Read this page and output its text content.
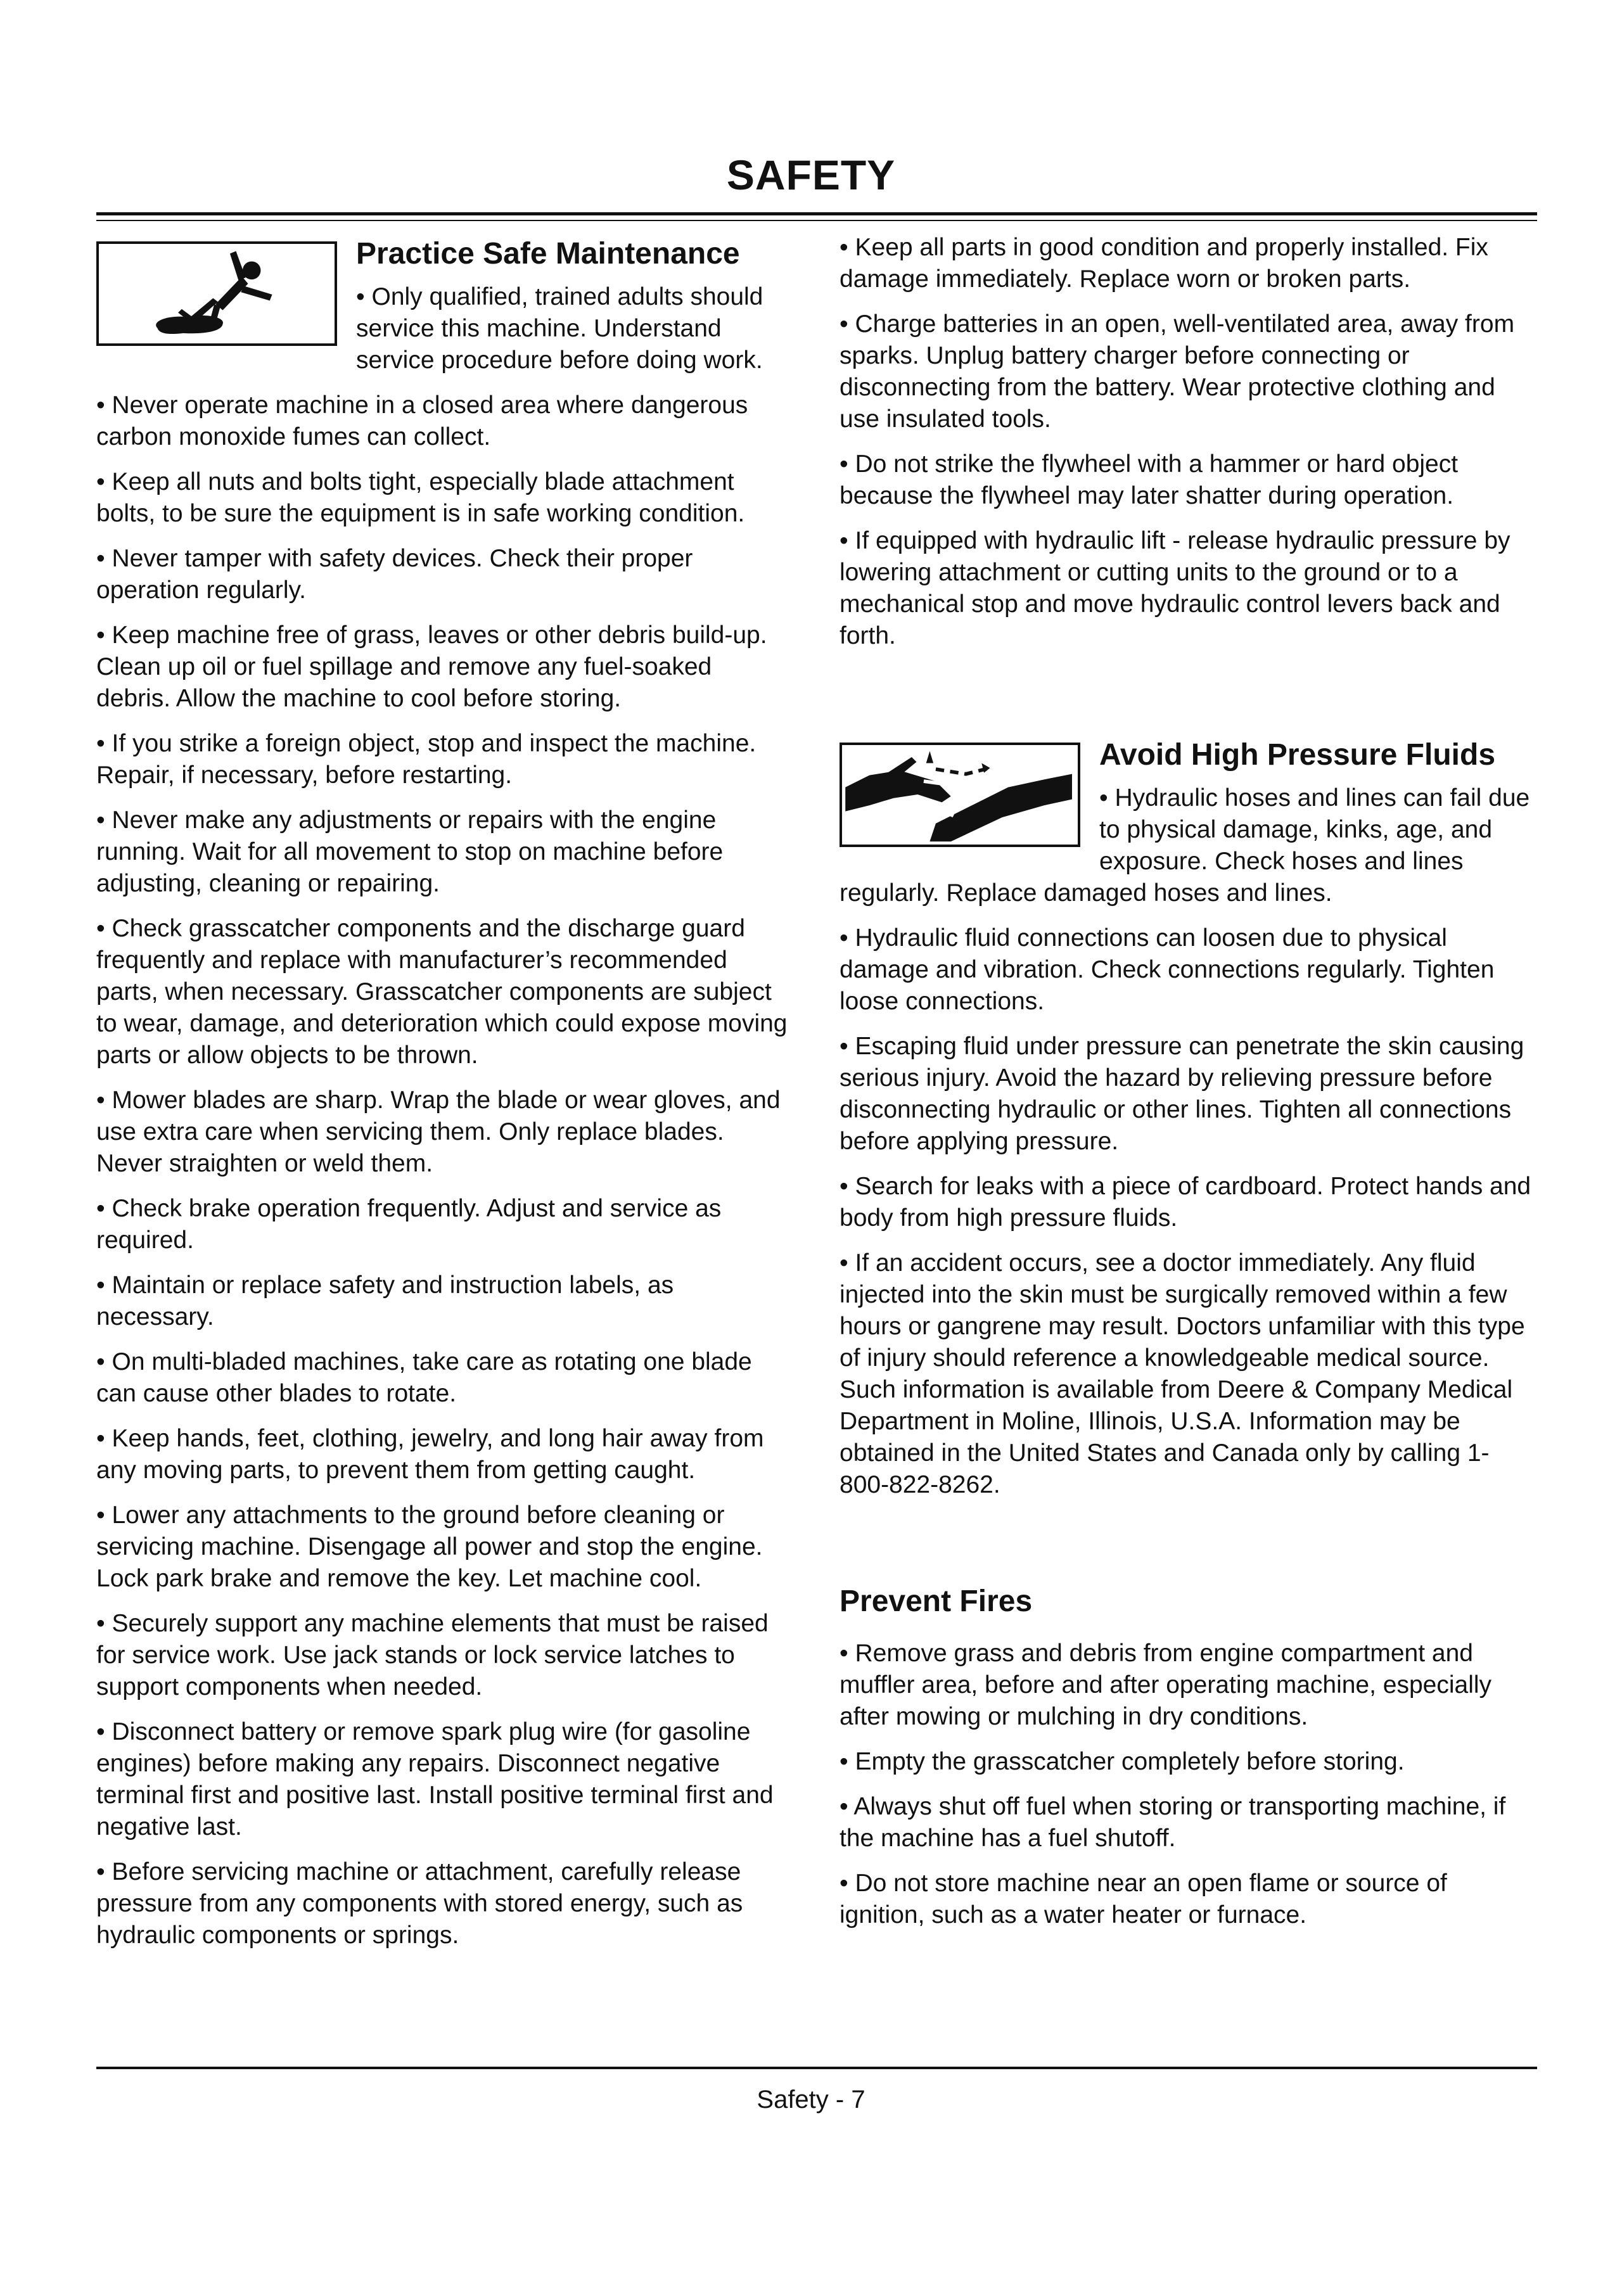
SAFETY
Practice Safe Maintenance

• Only qualified, trained adults should service this machine. Understand service procedure before doing work.

• Never operate machine in a closed area where dangerous carbon monoxide fumes can collect.

• Keep all nuts and bolts tight, especially blade attachment bolts, to be sure the equipment is in safe working condition.

• Never tamper with safety devices. Check their proper operation regularly.

• Keep machine free of grass, leaves or other debris build-up. Clean up oil or fuel spillage and remove any fuel-soaked debris. Allow the machine to cool before storing.

• If you strike a foreign object, stop and inspect the machine. Repair, if necessary, before restarting.

• Never make any adjustments or repairs with the engine running. Wait for all movement to stop on machine before adjusting, cleaning or repairing.

• Check grasscatcher components and the discharge guard frequently and replace with manufacturer’s recommended parts, when necessary. Grasscatcher components are subject to wear, damage, and deterioration which could expose moving parts or allow objects to be thrown.

• Mower blades are sharp. Wrap the blade or wear gloves, and use extra care when servicing them. Only replace blades. Never straighten or weld them.

• Check brake operation frequently. Adjust and service as required.

• Maintain or replace safety and instruction labels, as necessary.

• On multi-bladed machines, take care as rotating one blade can cause other blades to rotate.

• Keep hands, feet, clothing, jewelry, and long hair away from any moving parts, to prevent them from getting caught.

• Lower any attachments to the ground before cleaning or servicing machine. Disengage all power and stop the engine. Lock park brake and remove the key. Let machine cool.

• Securely support any machine elements that must be raised for service work. Use jack stands or lock service latches to support components when needed.

• Disconnect battery or remove spark plug wire (for gasoline engines) before making any repairs. Disconnect negative terminal first and positive last. Install positive terminal first and negative last.

• Before servicing machine or attachment, carefully release pressure from any components with stored energy, such as hydraulic components or springs.

• Keep all parts in good condition and properly installed. Fix damage immediately. Replace worn or broken parts.

• Charge batteries in an open, well-ventilated area, away from sparks. Unplug battery charger before connecting or disconnecting from the battery. Wear protective clothing and use insulated tools.

• Do not strike the flywheel with a hammer or hard object because the flywheel may later shatter during operation.

• If equipped with hydraulic lift - release hydraulic pressure by lowering attachment or cutting units to the ground or to a mechanical stop and move hydraulic control levers back and forth.

Avoid High Pressure Fluids

• Hydraulic hoses and lines can fail due to physical damage, kinks, age, and exposure. Check hoses and lines regularly. Replace damaged hoses and lines.

• Hydraulic fluid connections can loosen due to physical damage and vibration. Check connections regularly. Tighten loose connections.

• Escaping fluid under pressure can penetrate the skin causing serious injury. Avoid the hazard by relieving pressure before disconnecting hydraulic or other lines. Tighten all connections before applying pressure.

• Search for leaks with a piece of cardboard. Protect hands and body from high pressure fluids.

• If an accident occurs, see a doctor immediately. Any fluid injected into the skin must be surgically removed within a few hours or gangrene may result. Doctors unfamiliar with this type of injury should reference a knowledgeable medical source. Such information is available from Deere & Company Medical Department in Moline, Illinois, U.S.A. Information may be obtained in the United States and Canada only by calling 1-800-822-8262.

Prevent Fires

• Remove grass and debris from engine compartment and muffler area, before and after operating machine, especially after mowing or mulching in dry conditions.

• Empty the grasscatcher completely before storing.

• Always shut off fuel when storing or transporting machine, if the machine has a fuel shutoff.

• Do not store machine near an open flame or source of ignition, such as a water heater or furnace.

Safety - 7
